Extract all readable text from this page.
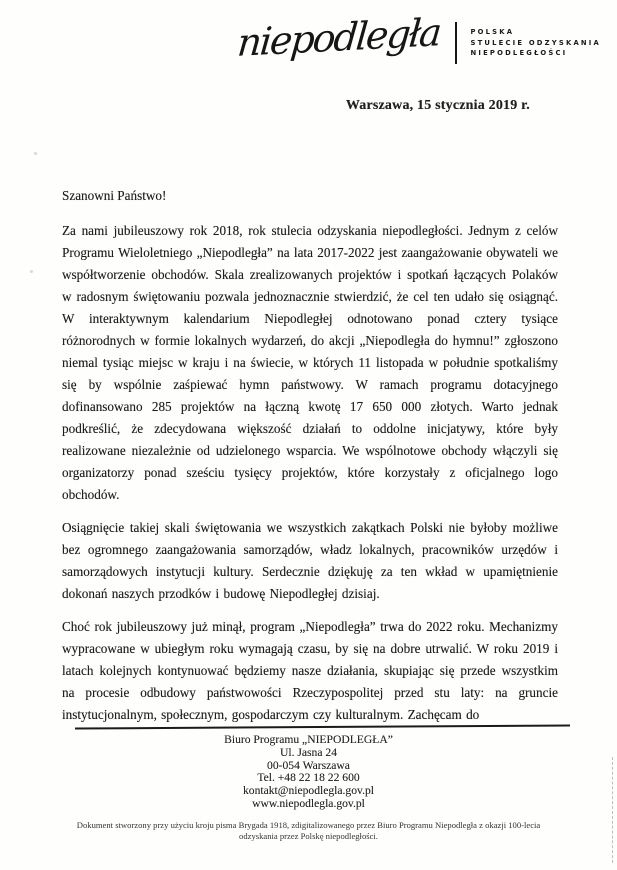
niepodległa	POLSKA
STULECIE ODZYSKANIA
NIEPODLEGŁOŚCI
Warszawa, 15 stycznia 2019 r.

Szanowni Państwo!

Za nami jubileuszowy rok 2018, rok stulecia odzyskania niepodległości. Jednym z celów Programu Wieloletniego „Niepodległa” na lata 2017-2022 jest zaangażowanie obywateli we współtworzenie obchodów. Skala zrealizowanych projektów i spotkań łączących Polaków w radosnym świętowaniu pozwala jednoznacznie stwierdzić, że cel ten udało się osiągnąć. W interaktywnym kalendarium Niepodległej odnotowano ponad cztery tysiące różnorodnych w formie lokalnych wydarzeń, do akcji „Niepodległa do hymnu!” zgłoszono niemal tysiąc miejsc w kraju i na świecie, w których 11 listopada w południe spotkaliśmy się by wspólnie zaśpiewać hymn państwowy. W ramach programu dotacyjnego dofinansowano 285 projektów na łączną kwotę 17 650 000 złotych. Warto jednak podkreślić, że zdecydowana większość działań to oddolne inicjatywy, które były realizowane niezależnie od udzielonego wsparcia. We wspólnotowe obchody włączyli się organizatorzy ponad sześciu tysięcy projektów, które korzystały z oficjalnego logo obchodów.

Osiągnięcie takiej skali świętowania we wszystkich zakątkach Polski nie byłoby możliwe bez ogromnego zaangażowania samorządów, władz lokalnych, pracowników urzędów i samorządowych instytucji kultury. Serdecznie dziękuję za ten wkład w upamiętnienie dokonań naszych przodków i budowę Niepodległej dzisiaj.

Choć rok jubileuszowy już minął, program „Niepodległa” trwa do 2022 roku. Mechanizmy wypracowane w ubiegłym roku wymagają czasu, by się na dobre utrwalić. W roku 2019 i latach kolejnych kontynuować będziemy nasze działania, skupiając się przede wszystkim na procesie odbudowy państwowości Rzeczypospolitej przed stu laty: na gruncie instytucjonalnym, społecznym, gospodarczym czy kulturalnym. Zachęcam do

Biuro Programu „NIEPODLEGŁA”
Ul. Jasna 24
00-054 Warszawa
Tel. +48 22 18 22 600
kontakt@niepodlegla.gov.pl
www.niepodlegla.gov.pl
Dokument stworzony przy użyciu kroju pisma Brygada 1918, zdigitalizowanego przez Biuro Programu Niepodległa z okazji 100-lecia odzyskania przez Polskę niepodległości.
